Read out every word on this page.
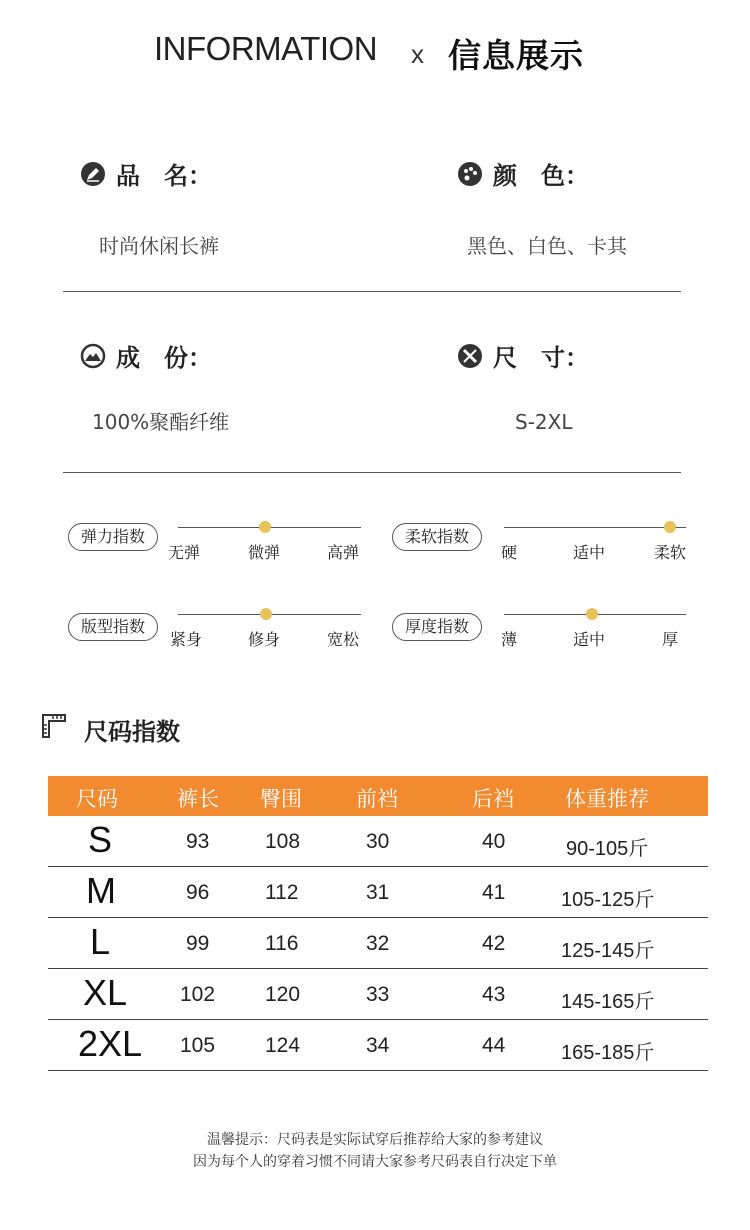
INFORMATION x 信息展示
品　名：
时尚休闲长裤
颜　色：
黑色、白色、卡其
成　份：
100%聚酯纤维
尺　寸：
S-2XL
弹力指数
无弹	微弹	高弹
柔软指数
硬	适中	柔软
版型指数
紧身	修身	宽松
厚度指数
薄	适中	厚
尺码指数
尺码	裤长 臀围	前裆	后裆 体重推荐
S	93	108	30	40	90-105斤
M	96	112	31	41	105-125斤
L	99	116	32	42	125-145斤
XL	102 120	33	43	145-165斤
2XL 105 124	34	44	165-185斤
温馨提示：尺码表是实际试穿后推荐给大家的参考建议
因为每个人的穿着习惯不同请大家参考尺码表自行决定下单
